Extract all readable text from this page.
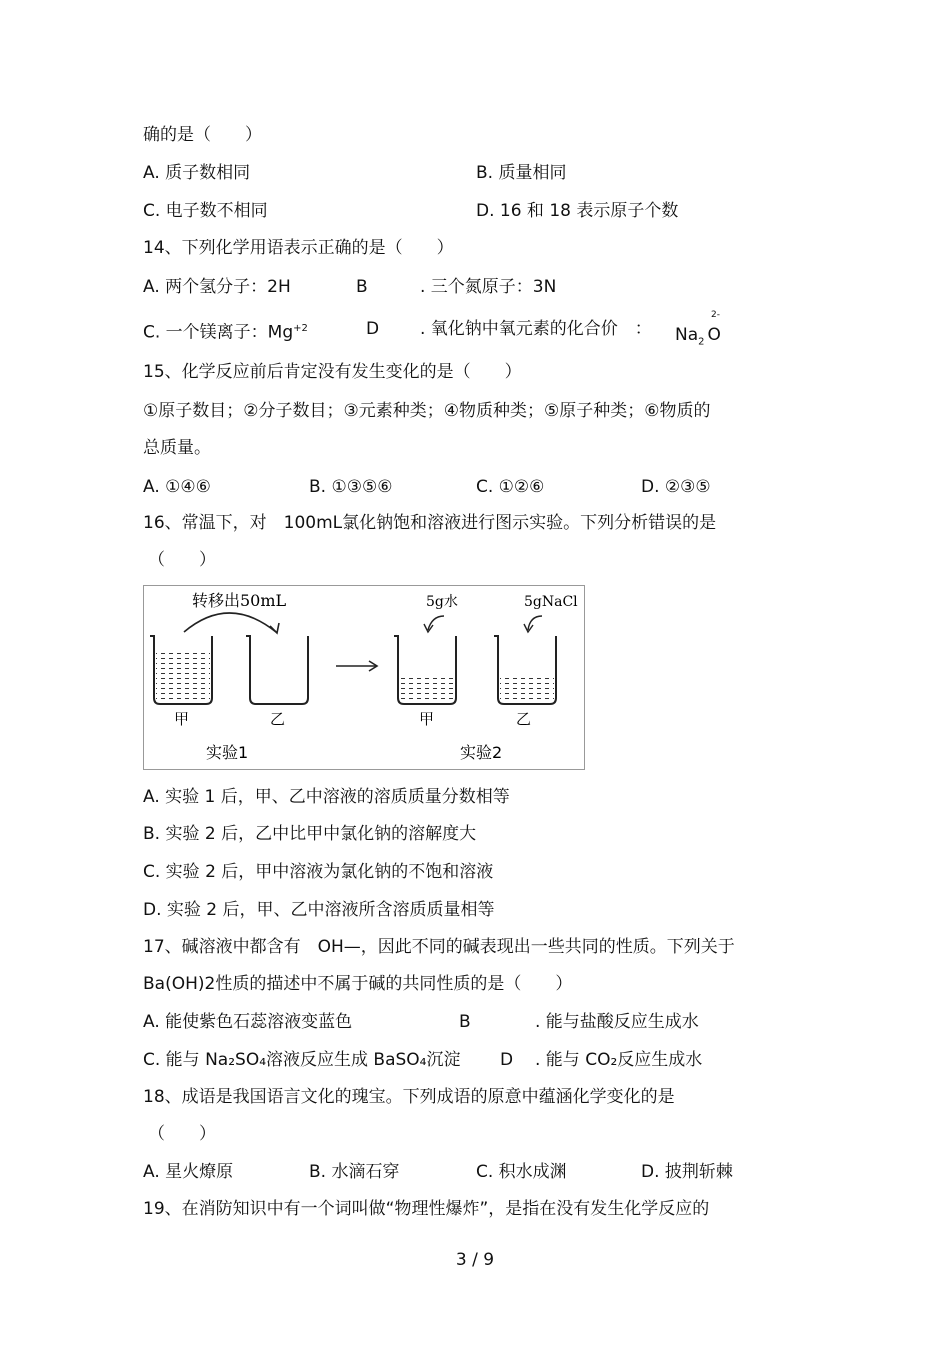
确的是（　　）
A. 质子数相同	B. 质量相同
C. 电子数不相同	D. 16 和 18 表示原子个数
14、下列化学用语表示正确的是（　　）
A. 两个氢分子：2H	B	. 三个氮原子：3N
C. 一个镁离子：$Mg^{+2}$	D . 氧化钠中氧元素的化合价　： $Na_2$ O
2-
15、化学反应前后肯定没有发生变化的是（　　）
①原子数目；②分子数目；③元素种类；④物质种类；⑤原子种类；⑥物质的
总质量。
A. ①④⑥	B. ①③⑤⑥	C. ①②⑥	D. ②③⑤
16、常温下，对　100mL氯化钠饱和溶液进行图示实验。下列分析错误的是
（　　）
转移出50mL	5g水	5gNaCl
甲	乙	甲	乙
实验1	实验2
A. 实验 1 后，甲、乙中溶液的溶质质量分数相等
B. 实验 2 后，乙中比甲中氯化钠的溶解度大
C. 实验 2 后，甲中溶液为氯化钠的不饱和溶液
D. 实验 2 后，甲、乙中溶液所含溶质质量相等
17、碱溶液中都含有　OH—，因此不同的碱表现出一些共同的性质。下列关于
Ba(OH)2性质的描述中不属于碱的共同性质的是（　　）
A. 能使紫色石蕊溶液变蓝色	B	. 能与盐酸反应生成水
C. 能与 Na₂SO₄溶液反应生成 BaSO₄沉淀 D . 能与 CO₂反应生成水
18、成语是我国语言文化的瑰宝。下列成语的原意中蕴涵化学变化的是
（　　）
A. 星火燎原	B. 水滴石穿	C. 积水成渊	D. 披荆斩棘
19、在消防知识中有一个词叫做“物理性爆炸”，是指在没有发生化学反应的
3 / 9
